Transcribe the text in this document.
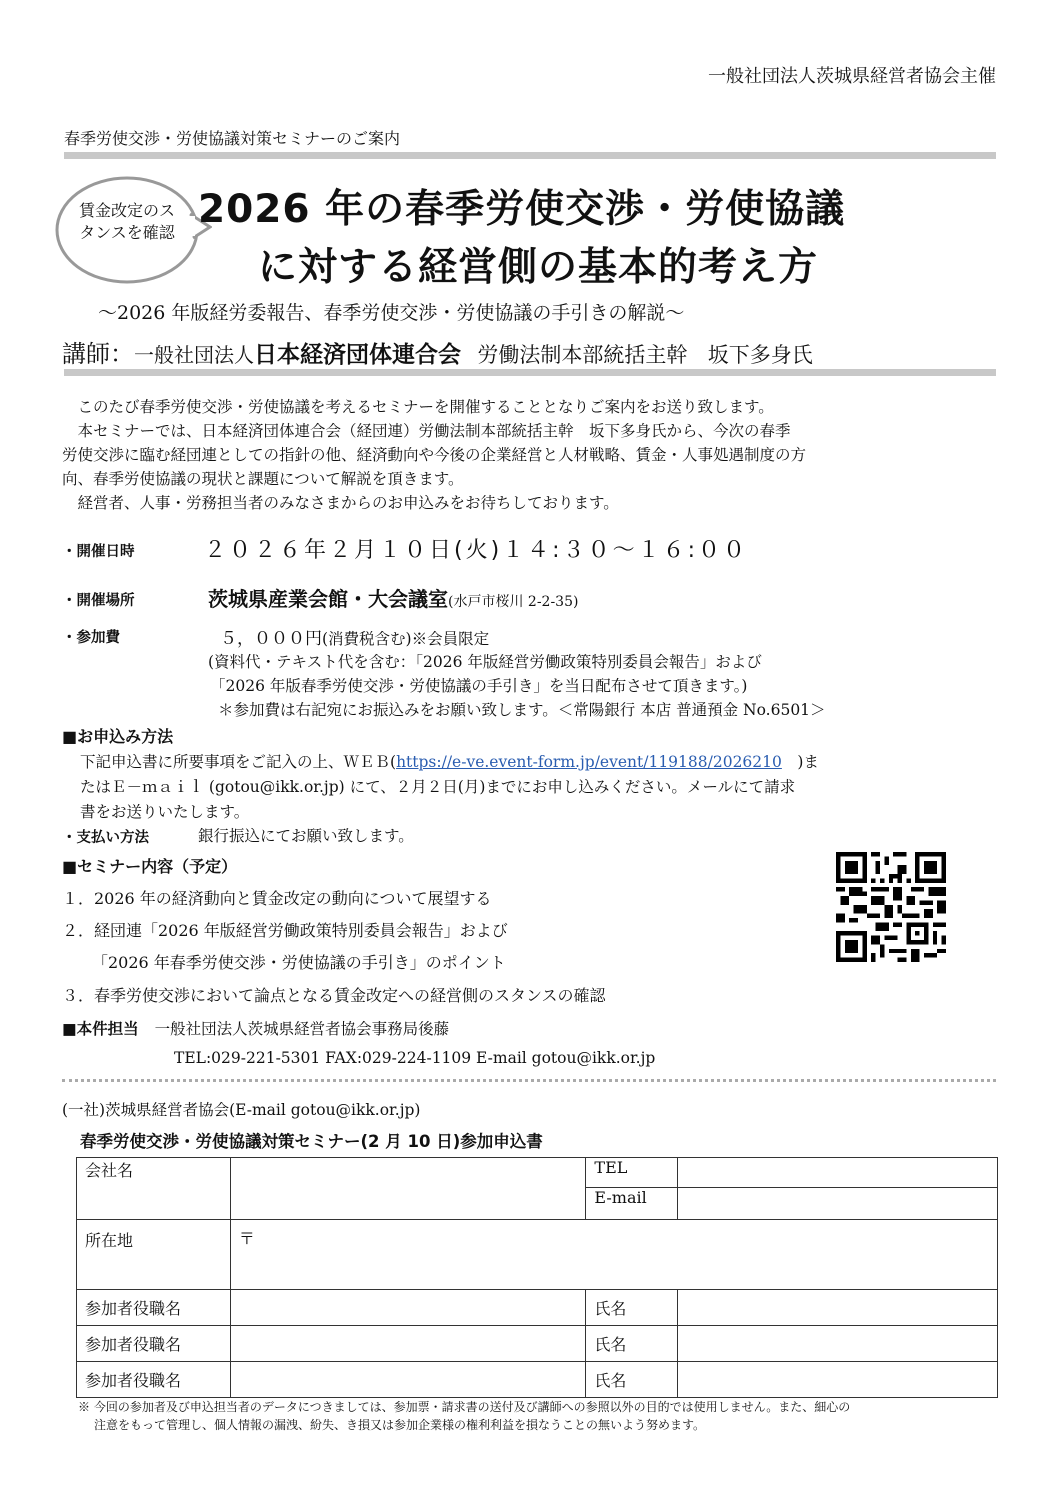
一般社団法人茨城県経営者協会主催
春季労使交渉・労使協議対策セミナーのご案内
賃金改定のスタンスを確認
2026 年の春季労使交渉・労使協議
に対する経営側の基本的考え方
～2026 年版経労委報告、春季労使交渉・労使協議の手引きの解説～
講師：一般社団法人日本経済団体連合会 労働法制本部統括主幹 坂下多身氏

　このたび春季労使交渉・労使協議を考えるセミナーを開催することとなりご案内をお送り致します。

　本セミナーでは、日本経済団体連合会（経団連）労働法制本部統括主幹　坂下多身氏から、今次の春季

労使交渉に臨む経団連としての指針の他、経済動向や今後の企業経営と人材戦略、賃金・人事処遇制度の方

向、春季労使協議の現状と課題について解説を頂きます。

　経営者、人事・労務担当者のみなさまからのお申込みをお待ちしております。

・開催日時	２０２６年２月１０日(火)１４:３０～１６:００
・開催場所	茨城県産業会館・大会議室(水戸市桜川 2-2-35)
・参加費	５，０００円(消費税含む)※会員限定
(資料代・テキスト代を含む：「2026 年版経営労働政策特別委員会報告」および
「2026 年版春季労使交渉・労使協議の手引き」を当日配布させて頂きます。)
＊参加費は右記宛にお振込みをお願い致します。＜常陽銀行 本店 普通預金 No.6501＞
■お申込み方法
下記申込書に所要事項をご記入の上、ＷＥＢ(https://e-ve.event-form.jp/event/119188/2026210　)ま
たはＥ－ｍａｉｌ (gotou@ikk.or.jp) にて、２月２日(月)までにお申し込みください。メールにて請求
書をお送りいたします。
・支払い方法	銀行振込にてお願い致します。
■セミナー内容（予定）
１．2026 年の経済動向と賃金改定の動向について展望する
２．経団連「2026 年版経営労働政策特別委員会報告」および
「2026 年春季労使交渉・労使協議の手引き」のポイント
３．春季労使交渉において論点となる賃金改定への経営側のスタンスの確認
■本件担当 一般社団法人茨城県経営者協会事務局後藤
TEL:029-221-5301 FAX:029-224-1109 E-mail gotou@ikk.or.jp
(一社)茨城県経営者協会(E-mail gotou@ikk.or.jp)
春季労使交渉・労使協議対策セミナー(2 月 10 日)参加申込書
会社名		TEL	
		E-mail	
所在地	〒		
参加者役職名		氏名	
参加者役職名		氏名	
参加者役職名		氏名	
※ 今回の参加者及び申込担当者のデータにつきましては、参加票・請求書の送付及び講師への参照以外の目的では使用しません。また、細心の
注意をもって管理し、個人情報の漏洩、紛失、き損又は参加企業様の権利利益を損なうことの無いよう努めます。
